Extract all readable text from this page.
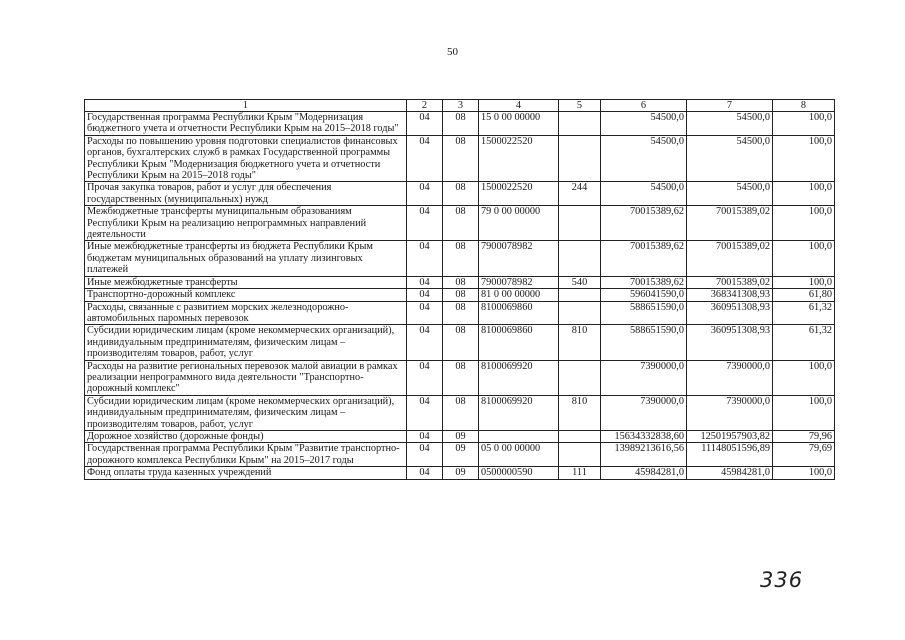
50
1	2	3	4	5	6	7	8
Государственная программа Республики Крым "Модернизация бюджетного учета и отчетности Республики Крым на 2015–2018 годы"	04	08	15 0 00 00000		54500,0	54500,0	100,0
Расходы по повышению уровня подготовки специалистов финансовых органов, бухгалтерских служб в рамках Государственной программы Республики Крым "Модернизация бюджетного учета и отчетности Республики Крым на 2015–2018 годы"	04	08	1500022520		54500,0	54500,0	100,0
Прочая закупка товаров, работ и услуг для обеспечения государственных (муниципальных) нужд	04	08	1500022520	244	54500,0	54500,0	100,0
Межбюджетные трансферты муниципальным образованиям Республики Крым на реализацию непрограммных направлений деятельности	04	08	79 0 00 00000		70015389,62	70015389,02	100,0
Иные межбюджетные трансферты из бюджета Республики Крым бюджетам муниципальных образований на уплату лизинговых платежей	04	08	7900078982		70015389,62	70015389,02	100,0
Иные межбюджетные трансферты	04	08	7900078982	540	70015389,62	70015389,02	100,0
Транспортно-дорожный комплекс	04	08	81 0 00 00000		596041590,0	368341308,93	61,80
Расходы, связанные с развитием морских железнодорожно-автомобильных паромных перевозок	04	08	8100069860		588651590,0	360951308,93	61,32
Субсидии юридическим лицам (кроме некоммерческих организаций), индивидуальным предпринимателям, физическим лицам – производителям товаров, работ, услуг	04	08	8100069860	810	588651590,0	360951308,93	61,32
Расходы на развитие региональных перевозок малой авиации в рамках реализации непрограммного вида деятельности "Транспортно-дорожный комплекс"	04	08	8100069920		7390000,0	7390000,0	100,0
Субсидии юридическим лицам (кроме некоммерческих организаций), индивидуальным предпринимателям, физическим лицам – производителям товаров, работ, услуг	04	08	8100069920	810	7390000,0	7390000,0	100,0
Дорожное хозяйство (дорожные фонды)	04	09			15634332838,60	12501957903,82	79,96
Государственная программа Республики Крым "Развитие транспортно-дорожного комплекса Республики Крым" на 2015–2017 годы	04	09	05 0 00 00000		13989213616,56	11148051596,89	79,69
Фонд оплаты труда казенных учреждений	04	09	0500000590	111	45984281,0	45984281,0	100,0
336
